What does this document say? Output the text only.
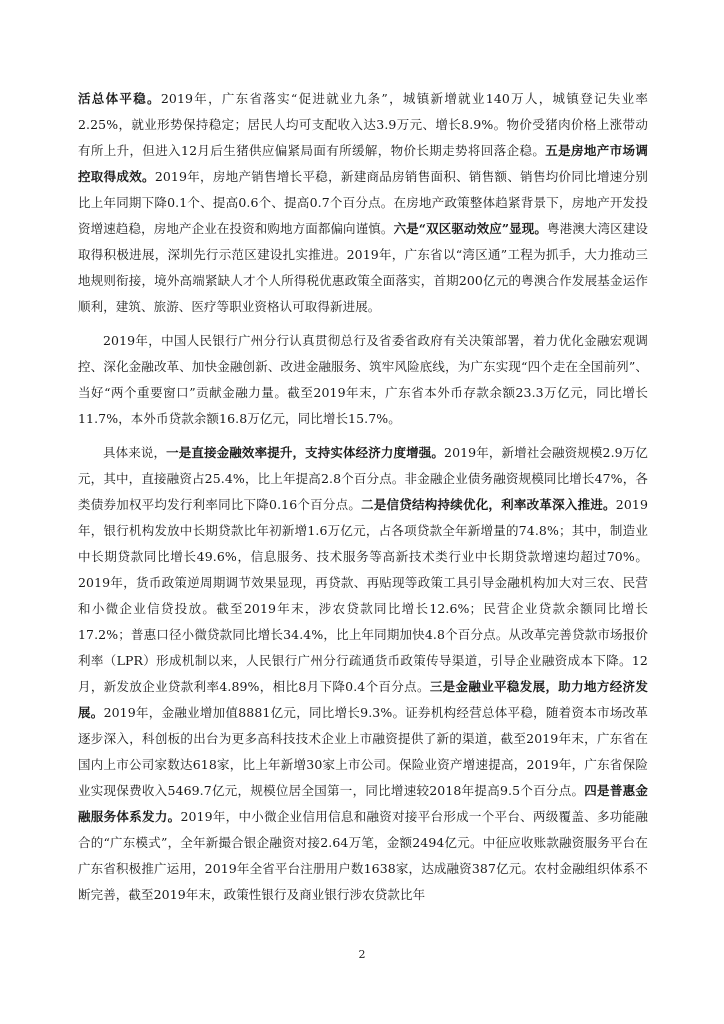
活总体平稳。2019年，广东省落实“促进就业九条”，城镇新增就业140万人，城镇登记失业率2.25%，就业形势保持稳定；居民人均可支配收入达3.9万元、增长8.9%。物价受猪肉价格上涨带动有所上升，但进入12月后生猪供应偏紧局面有所缓解，物价长期走势将回落企稳。五是房地产市场调控取得成效。2019年，房地产销售增长平稳，新建商品房销售面积、销售额、销售均价同比增速分别比上年同期下降0.1个、提高0.6个、提高0.7个百分点。在房地产政策整体趋紧背景下，房地产开发投资增速趋稳，房地产企业在投资和购地方面都偏向谨慎。六是“双区驱动效应”显现。粤港澳大湾区建设取得积极进展，深圳先行示范区建设扎实推进。2019年，广东省以“湾区通”工程为抓手，大力推动三地规则衔接，境外高端紧缺人才个人所得税优惠政策全面落实，首期200亿元的粤澳合作发展基金运作顺利，建筑、旅游、医疗等职业资格认可取得新进展。

2019年，中国人民银行广州分行认真贯彻总行及省委省政府有关决策部署，着力优化金融宏观调控、深化金融改革、加快金融创新、改进金融服务、筑牢风险底线，为广东实现“四个走在全国前列”、当好“两个重要窗口”贡献金融力量。截至2019年末，广东省本外币存款余额23.3万亿元，同比增长11.7%，本外币贷款余额16.8万亿元，同比增长15.7%。

具体来说，一是直接金融效率提升，支持实体经济力度增强。2019年，新增社会融资规模2.9万亿元，其中，直接融资占25.4%，比上年提高2.8个百分点。非金融企业债务融资规模同比增长47%，各类债券加权平均发行利率同比下降0.16个百分点。二是信贷结构持续优化，利率改革深入推进。2019年，银行机构发放中长期贷款比年初新增1.6万亿元，占各项贷款全年新增量的74.8%；其中，制造业中长期贷款同比增长49.6%，信息服务、技术服务等高新技术类行业中长期贷款增速均超过70%。2019年，货币政策逆周期调节效果显现，再贷款、再贴现等政策工具引导金融机构加大对三农、民营和小微企业信贷投放。截至2019年末，涉农贷款同比增长12.6%；民营企业贷款余额同比增长17.2%；普惠口径小微贷款同比增长34.4%，比上年同期加快4.8个百分点。从改革完善贷款市场报价利率（LPR）形成机制以来，人民银行广州分行疏通货币政策传导渠道，引导企业融资成本下降。12月，新发放企业贷款利率4.89%，相比8月下降0.4个百分点。三是金融业平稳发展，助力地方经济发展。2019年，金融业增加值8881亿元，同比增长9.3%。证券机构经营总体平稳，随着资本市场改革逐步深入，科创板的出台为更多高科技技术企业上市融资提供了新的渠道，截至2019年末，广东省在国内上市公司家数达618家，比上年新增30家上市公司。保险业资产增速提高，2019年，广东省保险业实现保费收入5469.7亿元，规模位居全国第一，同比增速较2018年提高9.5个百分点。四是普惠金融服务体系发力。2019年，中小微企业信用信息和融资对接平台形成一个平台、两级覆盖、多功能融合的“广东模式”，全年新撮合银企融资对接2.64万笔，金额2494亿元。中征应收账款融资服务平台在广东省积极推广运用，2019年全省平台注册用户数1638家，达成融资387亿元。农村金融组织体系不断完善，截至2019年末，政策性银行及商业银行涉农贷款比年

2
